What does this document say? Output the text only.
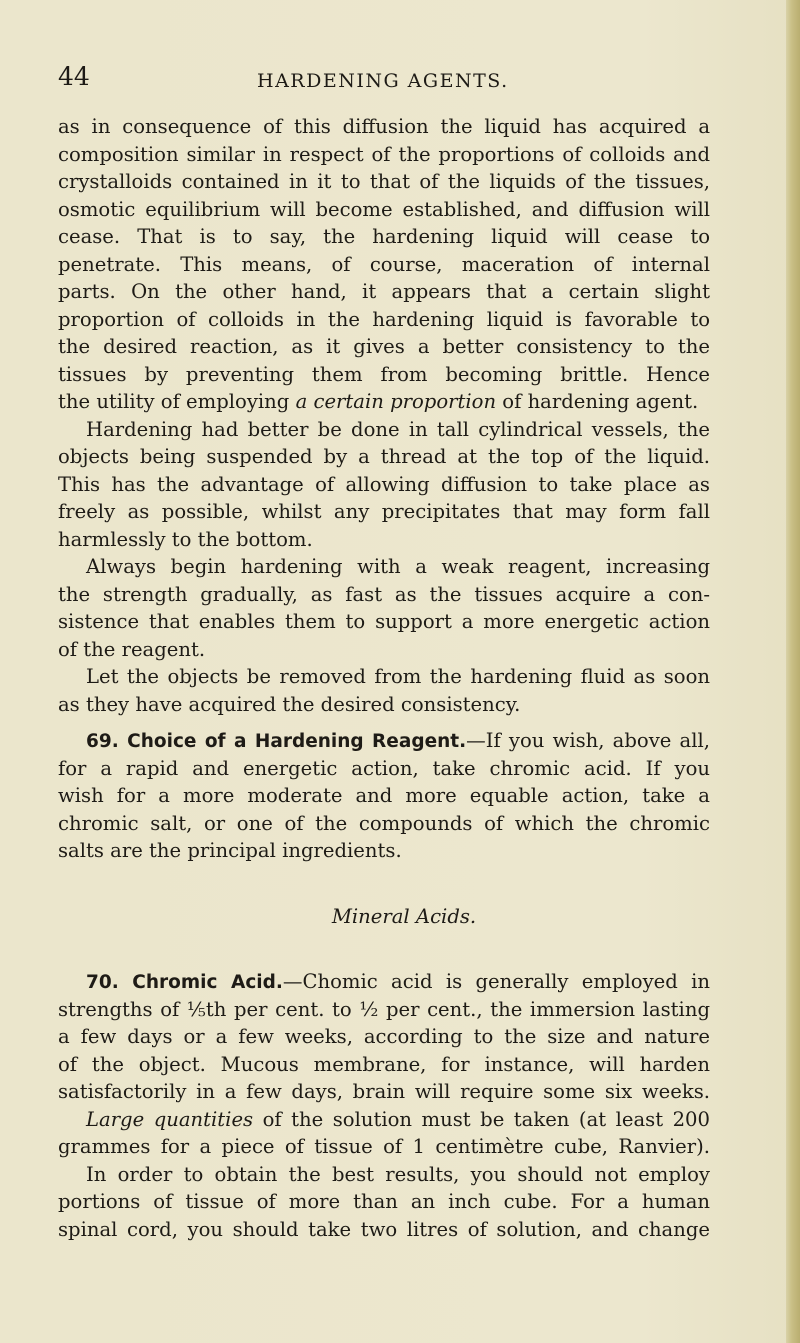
44	HARDENING AGENTS.
as in consequence of this diffusion the liquid has acquired a
composition similar in respect of the proportions of colloids and
crystalloids contained in it to that of the liquids of the tissues,
osmotic equilibrium will become established, and diffusion will
cease. That is to say, the hardening liquid will cease to
penetrate. This means, of course, maceration of internal
parts. On the other hand, it appears that a certain slight
proportion of colloids in the hardening liquid is favorable to
the desired reaction, as it gives a better consistency to the
tissues by preventing them from becoming brittle. Hence
the utility of employing a certain proportion of hardening agent.
Hardening had better be done in tall cylindrical vessels, the
objects being suspended by a thread at the top of the liquid.
This has the advantage of allowing diffusion to take place as
freely as possible, whilst any precipitates that may form fall
harmlessly to the bottom.
Always begin hardening with a weak reagent, increasing
the strength gradually, as fast as the tissues acquire a con-
sistence that enables them to support a more energetic action
of the reagent.
Let the objects be removed from the hardening fluid as soon
as they have acquired the desired consistency.
69. Choice of a Hardening Reagent.—If you wish, above all,
for a rapid and energetic action, take chromic acid. If you
wish for a more moderate and more equable action, take a
chromic salt, or one of the compounds of which the chromic
salts are the principal ingredients.
Mineral Acids.
70. Chromic Acid.—Chomic acid is generally employed in
strengths of ⅕th per cent. to ½ per cent., the immersion lasting
a few days or a few weeks, according to the size and nature
of the object. Mucous membrane, for instance, will harden
satisfactorily in a few days, brain will require some six weeks.
Large quantities of the solution must be taken (at least 200
grammes for a piece of tissue of 1 centimètre cube, Ranvier).
In order to obtain the best results, you should not employ
portions of tissue of more than an inch cube. For a human
spinal cord, you should take two litres of solution, and change
